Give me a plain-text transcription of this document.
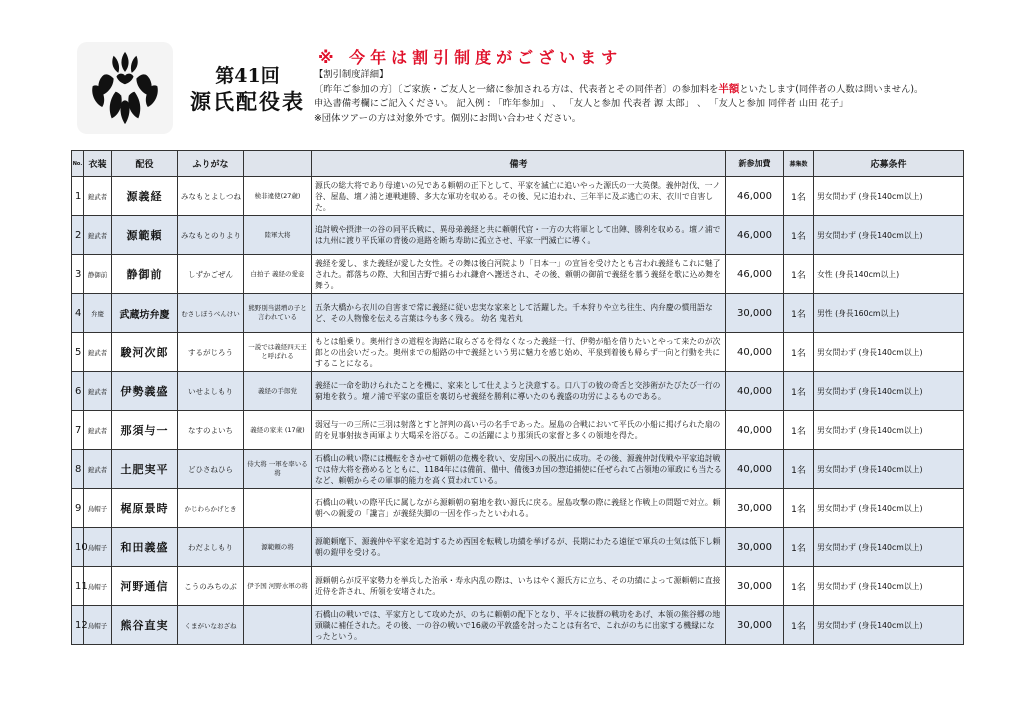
第41回
源氏配役表
※ 今年は割引制度がございます
【割引制度詳細】
〔昨年ご参加の方〕〔ご家族・ご友人と一緒に参加される方は、代表者とその同伴者〕の参加料を半額といたします(同伴者の人数は問いません)。
申込書備考欄にご記入ください。 記入例 : 「昨年参加」 、 「友人と参加 代表者 源 太郎」 、 「友人と参加 同伴者 山田 花子」
※団体ツアーの方は対象外です。個別にお問い合わせください。
No.	衣装	配役	ふりがな		備考	新参加費	募集数	応募条件
1	鎧武者	源義経	みなもとよしつね	検非違使(27歳)	源氏の総大将であり母違いの兄である頼朝の正下として、平家を滅亡に追いやった源氏の一大英傑。義仲討伐、一ノ谷、屋島、壇ノ浦と連戦連勝、多大な軍功を収める。その後、兄に追われ、三年半に及ぶ逃亡の末、衣川で自害した。	46,000	1名	男女問わず (身長140cm以上)
2	鎧武者	源範頼	みなもとのりより	陸軍大将	追討戦や摂津一の谷の同平氏戦に、異母弟義経と共に頼朝代官・一方の大将軍として出陣、勝利を収める。壇ノ浦では九州に渡り平氏軍の背後の退路を断ち寿助に孤立させ、平家一門滅亡に導く。	46,000	1名	男女問わず (身長140cm以上)
3	静御前	静御前	しずかごぜん	白拍子 義経の愛妾	義経を愛し、また義経が愛した女性。その舞は後白河院より「日本一」の宣旨を受けたとも言われ義経もこれに魅了された。都落ちの際、大和国吉野で捕らわれ鎌倉へ護送され、その後、頼朝の御前で義経を慕う義経を歌に込め舞を舞う。	46,000	1名	女性 (身長140cm以上)
4	弁慶	武蔵坊弁慶	むさしぼうべんけい	熊野別当湛増の子と言われている	五条大橋から衣川の自害まで常に義経に従い忠実な家来として活躍した。千本狩りや立ち往生、内弁慶の慣用語など、その人物像を伝える言葉は今も多く残る。 幼名 鬼若丸	30,000	1名	男性 (身長160cm以上)
5	鎧武者	駿河次郎	するがじろう	一説では義経四天王と呼ばれる	もとは船乗り。奥州行きの道程を海路に取らざるを得なくなった義経一行、伊勢が船を借りたいとやって来たのが次郎との出会いだった。奥州までの船路の中で義経という男に魅力を感じ始め、平泉到着後も帰らず一向と行動を共にすることになる。	40,000	1名	男女問わず (身長140cm以上)
6	鎧武者	伊勢義盛	いせよしもり	義経の手郎党	義経に一命を助けられたことを機に、家来として仕えようと決意する。口八丁の彼の奇舌と交渉術がたびたび一行の窮地を救う。壇ノ浦で平家の重臣を裏切らせ義経を勝利に導いたのも義盛の功労によるものである。	40,000	1名	男女問わず (身長140cm以上)
7	鎧武者	那須与一	なすのよいち	義経の家来 (17歳)	弱冠与一の三所に三羽は射落とすと評判の高い弓の名手であった。屋島の合戦において平氏の小船に掲げられた扇の的を見事射抜き両軍より大喝采を浴びる。この活躍により那須氏の家督と多くの領地を得た。	40,000	1名	男女問わず (身長140cm以上)
8	鎧武者	土肥実平	どひさねひら	侍大将 一軍を率いる将	石橋山の戦い際には機転をきかせて頼朝の危機を救い、安房国への脱出に成功。その後、源義仲討伐戦や平家追討戦では侍大将を務めるとともに、1184年には備前、備中、備後3カ国の惣追捕使に任ぜられて占領地の軍政にも当たるなど、頼朝からその軍事的能力を高く買われている。	40,000	1名	男女問わず (身長140cm以上)
9	烏帽子	梶原景時	かじわらかげとき		石橋山の戦いの際平氏に属しながら源頼朝の窮地を救い源氏に戻る。屋島攻撃の際に義経と作戦上の問題で対立。頼朝への親愛の「讒言」が義経失脚の一因を作ったといわれる。	30,000	1名	男女問わず (身長140cm以上)
10	烏帽子	和田義盛	わだよしもり	源範頼の将	源範頼麾下、源義仲や平家を追討するため西国を転戦し功績を挙げるが、長期にわたる遠征で軍兵の士気は低下し頼朝の鎧甲を受ける。	30,000	1名	男女問わず (身長140cm以上)
11	烏帽子	河野通信	こうのみちのぶ	伊予国 河野水軍の将	源頼朝らが反平家勢力を挙兵した治承・寿永内乱の際は、いちはやく源氏方に立ち、その功績によって源頼朝に直接近侍を許され、所領を安堵された。	30,000	1名	男女問わず (身長140cm以上)
12	烏帽子	熊谷直実	くまがいなおざね		石橋山の戦いでは、平家方として攻めたが、のちに頼朝の配下となり、平々に抜群の戦功をあげ、本領の熊谷郷の地頭職に補任された。その後、一の谷の戦いで16歳の平敦盛を討ったことは有名で、これがのちに出家する機縁になったという。	30,000	1名	男女問わず (身長140cm以上)
